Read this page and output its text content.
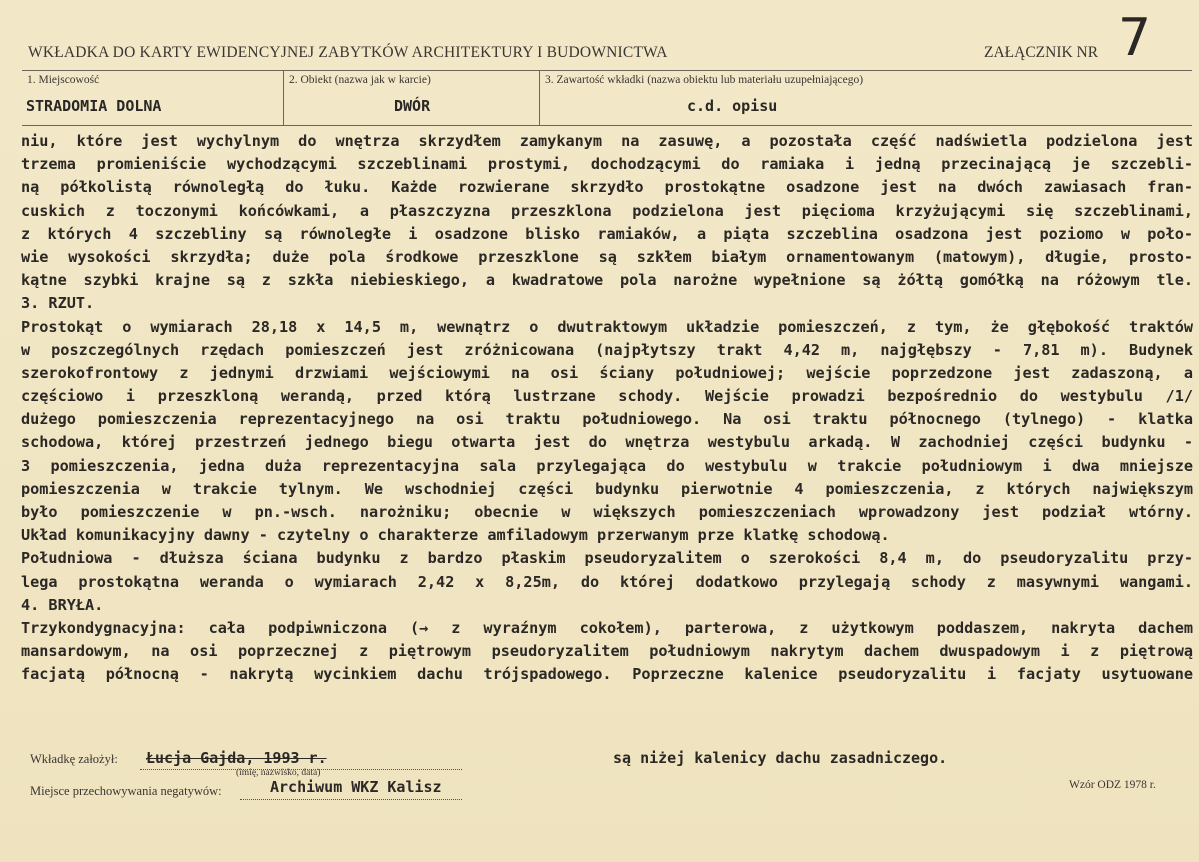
WKŁADKA DO KARTY EWIDENCYJNEJ ZABYTKÓW ARCHITEKTURY I BUDOWNICTWA	ZAŁĄCZNIK NR 7
1. Miejscowość
STRADOMIA DOLNA
2. Obiekt (nazwa jak w karcie)
DWÓR
3. Zawartość wkładki (nazwa obiektu lub materiału uzupełniającego)
c.d. opisu
niu, które jest wychylnym do wnętrza skrzydłem zamykanym na zasuwę, a pozostała część nadświetla podzielona jest
trzema promieniście wychodzącymi szczeblinami prostymi, dochodzącymi do ramiaka i jedną przecinającą je szczebli-
ną półkolistą równoległą do łuku. Każde rozwierane skrzydło prostokątne osadzone jest na dwóch zawiasach fran-
cuskich z toczonymi końcówkami, a płaszczyzna przeszklona podzielona jest pięcioma krzyżującymi się szczeblinami,
z których 4 szczebliny są równoległe i osadzone blisko ramiaków, a piąta szczeblina osadzona jest poziomo w poło-
wie wysokości skrzydła; duże pola środkowe przeszklone są szkłem białym ornamentowanym (matowym), długie, prosto-
kątne szybki krajne są z szkła niebieskiego, a kwadratowe pola narożne wypełnione są żółtą gomółką na różowym tle.
3. RZUT.
Prostokąt o wymiarach 28,18 x 14,5 m, wewnątrz o dwutraktowym układzie pomieszczeń, z tym, że głębokość traktów
w poszczególnych rzędach pomieszczeń jest zróżnicowana (najpłytszy trakt 4,42 m, najgłębszy - 7,81 m). Budynek
szerokofrontowy z jednymi drzwiami wejściowymi na osi ściany południowej; wejście poprzedzone jest zadaszoną, a
częściowo i przeszkloną werandą, przed którą lustrzane schody. Wejście prowadzi bezpośrednio do westybulu /1/
dużego pomieszczenia reprezentacyjnego na osi traktu południowego. Na osi traktu północnego (tylnego) - klatka
schodowa, której przestrzeń jednego biegu otwarta jest do wnętrza westybulu arkadą. W zachodniej części budynku -
3 pomieszczenia, jedna duża reprezentacyjna sala przylegająca do westybulu w trakcie południowym i dwa mniejsze
pomieszczenia w trakcie tylnym. We wschodniej części budynku pierwotnie 4 pomieszczenia, z których największym
było pomieszczenie w pn.-wsch. narożniku; obecnie w większych pomieszczeniach wprowadzony jest podział wtórny.
Układ komunikacyjny dawny - czytelny o charakterze amfiladowym przerwanym prze klatkę schodową.
Południowa - dłuższa ściana budynku z bardzo płaskim pseudoryzalitem o szerokości 8,4 m, do pseudoryzalitu przy-
lega prostokątna weranda o wymiarach 2,42 x 8,25m, do której dodatkowo przylegają schody z masywnymi wangami.
4. BRYŁA.
Trzykondygnacyjna: cała podpiwniczona (→ z wyraźnym cokołem), parterowa, z użytkowym poddaszem, nakryta dachem
mansardowym, na osi poprzecznej z piętrowym pseudoryzalitem południowym nakrytym dachem dwuspadowym i z piętrową
facjatą północną - nakrytą wycinkiem dachu trójspadowego. Poprzeczne kalenice pseudoryzalitu i facjaty usytuowane
Wkładkę założył: Łucja Gajda, 1993 r.
(imię, nazwisko, data)
są niżej kalenicy dachu zasadniczego.
Miejsce przechowywania negatywów:	Archiwum WKZ Kalisz	Wzór ODZ 1978 r.
